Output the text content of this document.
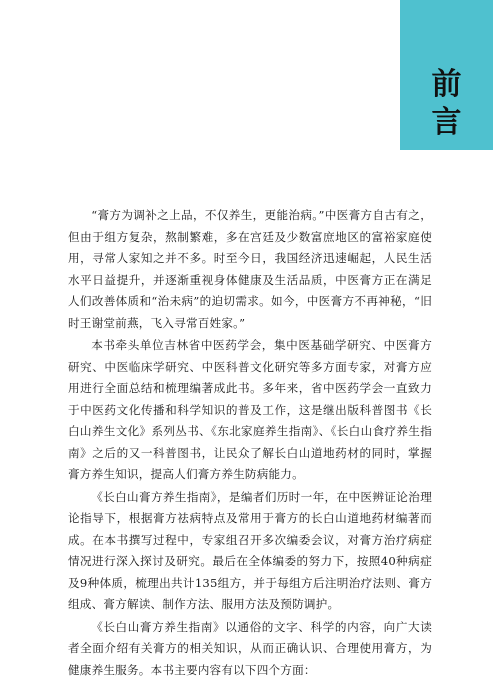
前
言

“膏方为调补之上品，不仅养生，更能治病。”中医膏方自古有之，但由于组方复杂，熬制繁难，多在宫廷及少数富庶地区的富裕家庭使用，寻常人家知之并不多。时至今日，我国经济迅速崛起，人民生活水平日益提升，并逐渐重视身体健康及生活品质，中医膏方正在满足人们改善体质和“治未病”的迫切需求。如今，中医膏方不再神秘，“旧时王谢堂前燕，飞入寻常百姓家。”

本书牵头单位吉林省中医药学会，集中医基础学研究、中医膏方研究、中医临床学研究、中医科普文化研究等多方面专家，对膏方应用进行全面总结和梳理编著成此书。多年来，省中医药学会一直致力于中医药文化传播和科学知识的普及工作，这是继出版科普图书《长白山养生文化》系列丛书、《东北家庭养生指南》、《长白山食疗养生指南》之后的又一科普图书，让民众了解长白山道地药材的同时，掌握膏方养生知识，提高人们膏方养生防病能力。

《长白山膏方养生指南》，是编者们历时一年，在中医辨证论治理论指导下，根据膏方祛病特点及常用于膏方的长白山道地药材编著而成。在本书撰写过程中，专家组召开多次编委会议，对膏方治疗病症情况进行深入探讨及研究。最后在全体编委的努力下，按照40种病症及9种体质，梳理出共计135组方，并于每组方后注明治疗法则、膏方组成、膏方解读、制作方法、服用方法及预防调护。

《长白山膏方养生指南》以通俗的文字、科学的内容，向广大读者全面介绍有关膏方的相关知识，从而正确认识、合理使用膏方，为健康养生服务。本书主要内容有以下四个方面：
